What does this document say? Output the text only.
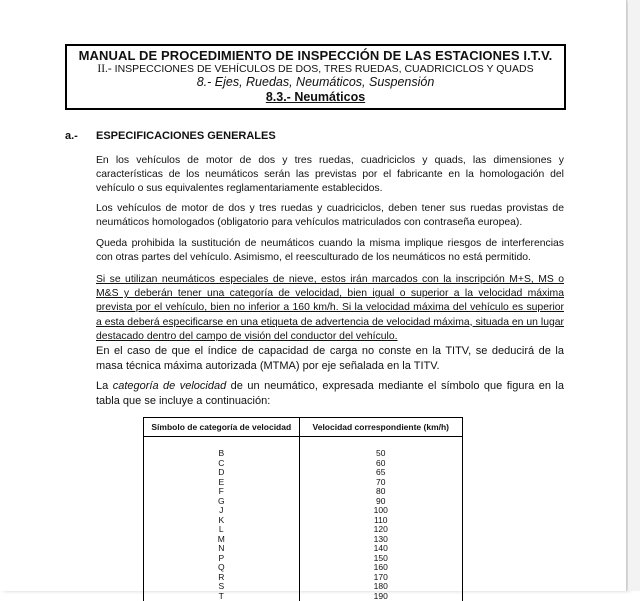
MANUAL DE PROCEDIMIENTO DE INSPECCIÓN DE LAS ESTACIONES I.T.V.
II.- INSPECCIONES DE VEHÍCULOS DE DOS, TRES RUEDAS, CUADRICICLOS Y QUADS
8.- Ejes, Ruedas, Neumáticos, Suspensión
8.3.- Neumáticos
a.- ESPECIFICACIONES GENERALES
En los vehículos de motor de dos y tres ruedas, cuadriciclos y quads, las dimensiones y características de los neumáticos serán las previstas por el fabricante en la homologación del vehículo o sus equivalentes reglamentariamente establecidos.
Los vehículos de motor de dos y tres ruedas y cuadriciclos, deben tener sus ruedas provistas de neumáticos homologados (obligatorio para vehículos matriculados con contraseña europea).
Queda prohibida la sustitución de neumáticos cuando la misma implique riesgos de interferencias con otras partes del vehículo. Asimismo, el reesculturado de los neumáticos no está permitido.
Si se utilizan neumáticos especiales de nieve, estos irán marcados con la inscripción M+S, MS o M&S y deberán tener una categoría de velocidad, bien igual o superior a la velocidad máxima prevista por el vehículo, bien no inferior a 160 km/h. Si la velocidad máxima del vehículo es superior a esta deberá especificarse en una etiqueta de advertencia de velocidad máxima, situada en un lugar destacado dentro del campo de visión del conductor del vehículo.
En el caso de que el índice de capacidad de carga no conste en la TITV, se deducirá de la masa técnica máxima autorizada (MTMA) por eje señalada en la TITV.
La categoría de velocidad de un neumático, expresada mediante el símbolo que figura en la tabla que se incluye a continuación:
Símbolo de categoría de velocidad	Velocidad correspondiente (km/h)
B	50
C	60
D	65
E	70
F	80
G	90
J	100
K	110
L	120
M	130
N	140
P	150
Q	160
R	170
S	180
T	190
